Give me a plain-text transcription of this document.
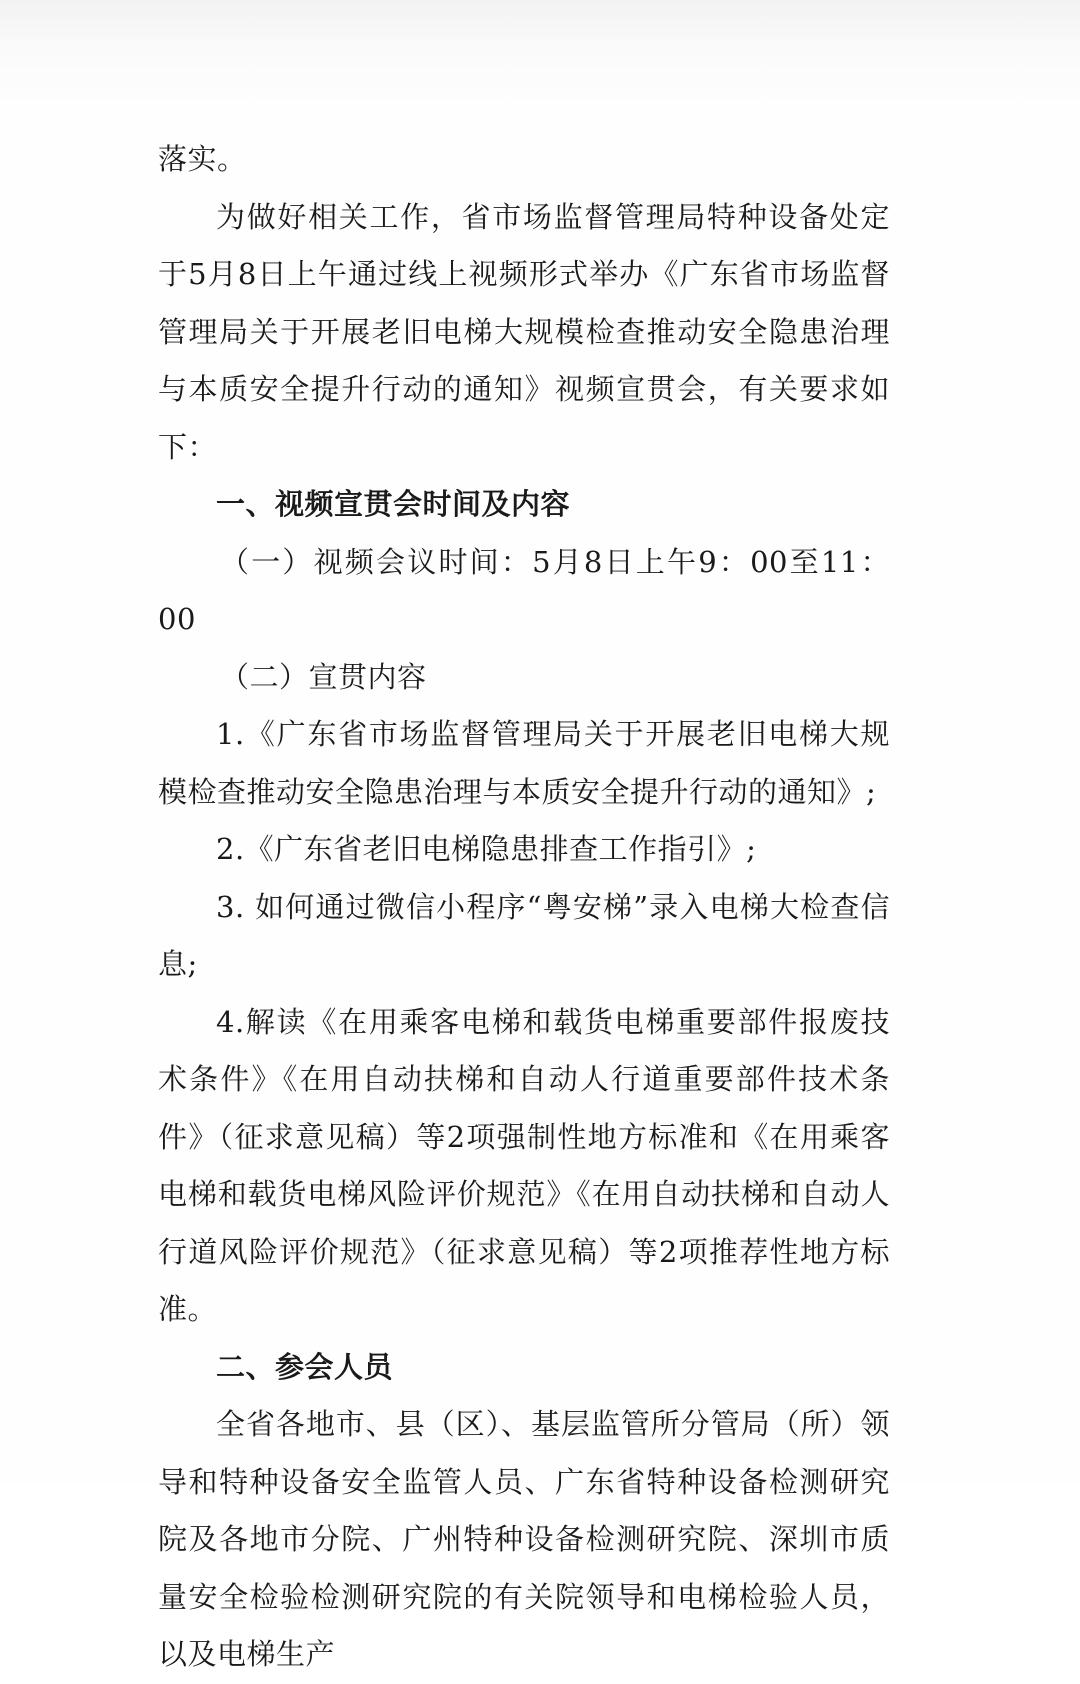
落实。

为做好相关工作，省市场监督管理局特种设备处定于5月8日上午通过线上视频形式举办《广东省市场监督管理局关于开展老旧电梯大规模检查推动安全隐患治理与本质安全提升行动的通知》视频宣贯会，有关要求如下：

一、视频宣贯会时间及内容

（一）视频会议时间：5月8日上午9：00至11：00

（二）宣贯内容

1.《广东省市场监督管理局关于开展老旧电梯大规模检查推动安全隐患治理与本质安全提升行动的通知》;

2.《广东省老旧电梯隐患排查工作指引》;

3. 如何通过微信小程序“粤安梯”录入电梯大检查信息;

4.解读《在用乘客电梯和载货电梯重要部件报废技术条件》《在用自动扶梯和自动人行道重要部件技术条件》（征求意见稿）等2项强制性地方标准和《在用乘客电梯和载货电梯风险评价规范》《在用自动扶梯和自动人行道风险评价规范》（征求意见稿）等2项推荐性地方标准。

二、参会人员

全省各地市、县（区）、基层监管所分管局（所）领导和特种设备安全监管人员、广东省特种设备检测研究院及各地市分院、广州特种设备检测研究院、深圳市质量安全检验检测研究院的有关院领导和电梯检验人员，以及电梯生产
